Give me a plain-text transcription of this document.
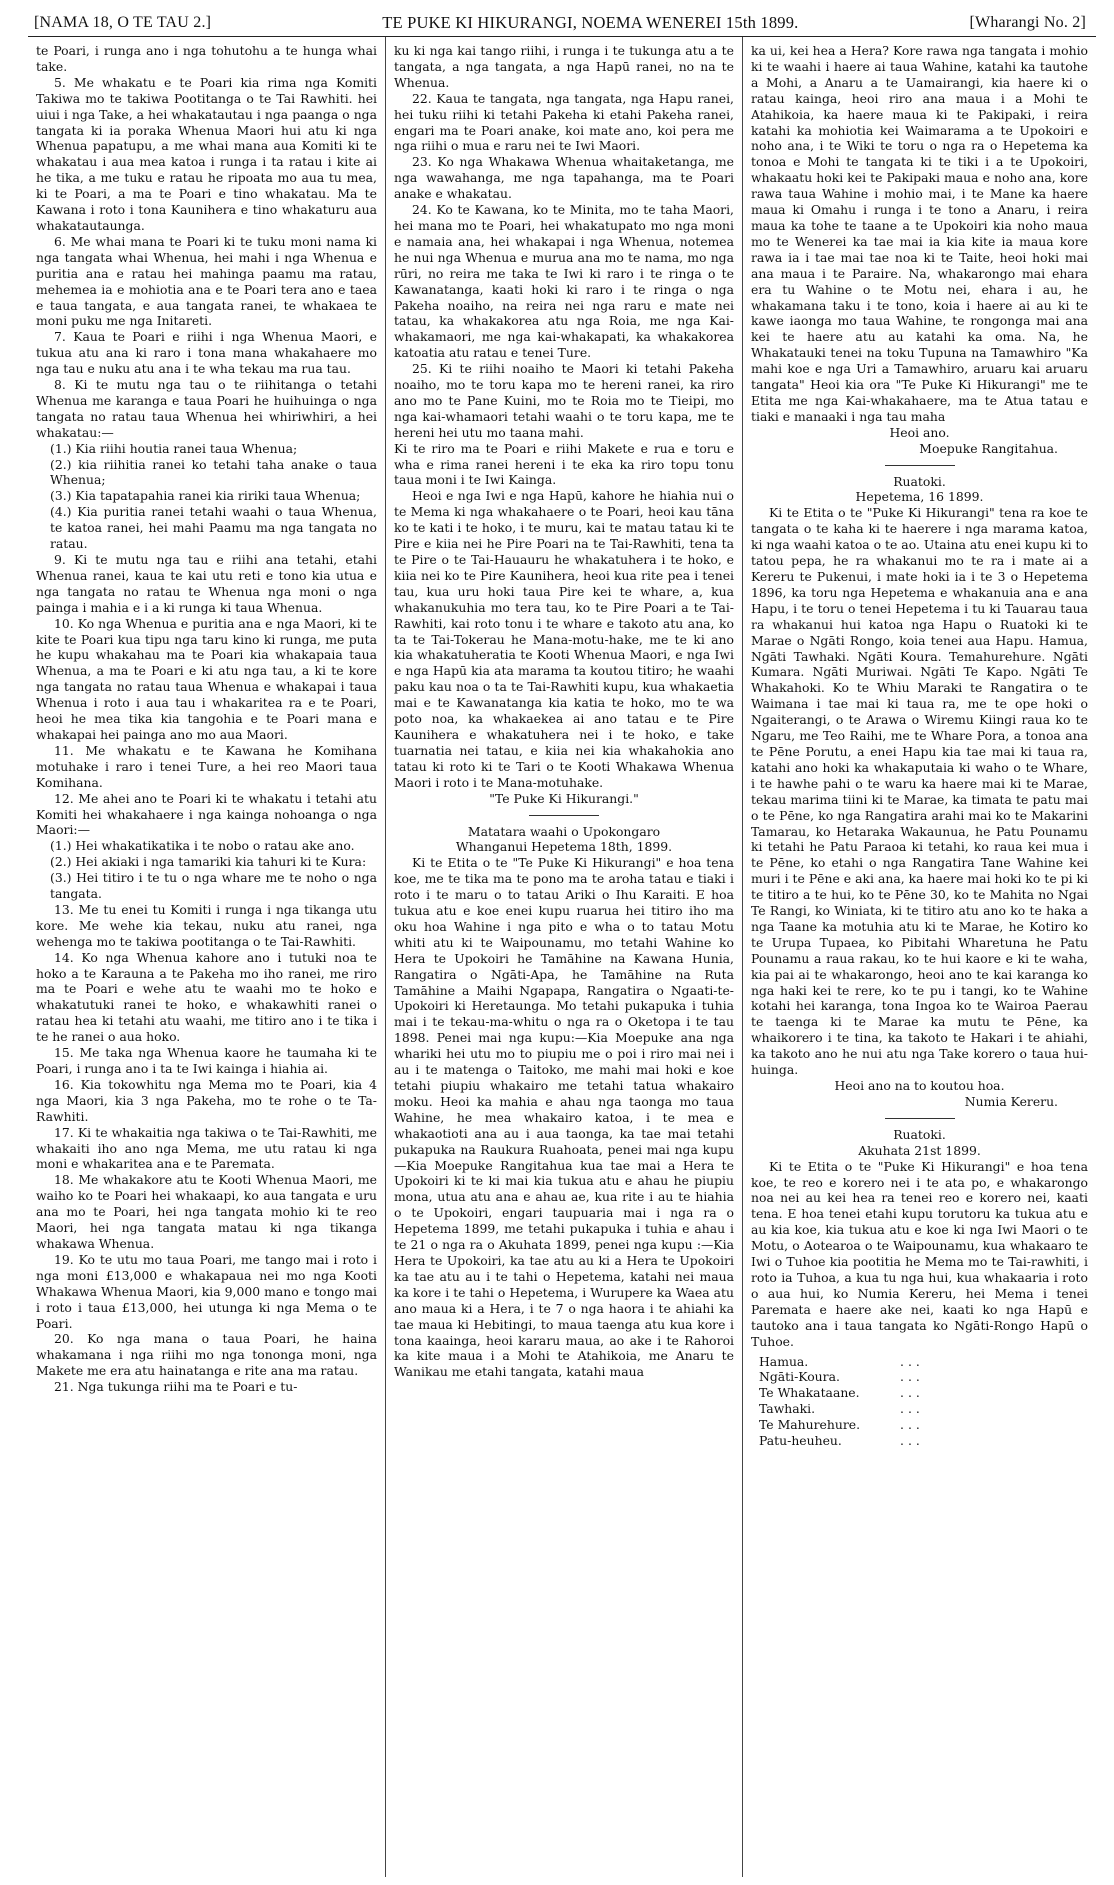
[NAMA 18, O TE TAU 2.]	TE PUKE KI HIKURANGI, NOEMA WENEREI 15th 1899.	[Wharangi No. 2]

te Poari, i runga ano i nga tohutohu a te hunga whai take.

5. Me whakatu e te Poari kia rima nga Komiti Takiwa mo te takiwa Pootitanga o te Tai Rawhiti. hei uiui i nga Take, a hei whakatautau i nga paanga o nga tangata ki ia poraka Whenua Maori hui atu ki nga Whenua papatupu, a me whai mana aua Komiti ki te whakatau i aua mea katoa i runga i ta ratau i kite ai he tika, a me tuku e ratau he ripoata mo aua tu mea, ki te Poari, a ma te Poari e tino whakatau. Ma te Kawana i roto i tona Kaunihera e tino whakaturu aua whakatautaunga.

6. Me whai mana te Poari ki te tuku moni nama ki nga tangata whai Whenua, hei mahi i nga Whenua e puritia ana e ratau hei mahinga paamu ma ratau, mehemea ia e mohiotia ana e te Poari tera ano e taea e taua tangata, e aua tangata ranei, te whakaea te moni puku me nga Initareti.

7. Kaua te Poari e riihi i nga Whenua Maori, e tukua atu ana ki raro i tona mana whakahaere mo nga tau e nuku atu ana i te wha tekau ma rua tau.

8. Ki te mutu nga tau o te riihitanga o tetahi Whenua me karanga e taua Poari he huihuinga o nga tangata no ratau taua Whenua hei whiriwhiri, a hei whakatau:—

(1.) Kia riihi houtia ranei taua Whenua;

(2.) kia riihitia ranei ko tetahi taha anake o taua Whenua;

(3.) Kia tapatapahia ranei kia ririki taua Whenua;

(4.) Kia puritia ranei tetahi waahi o taua Whenua, te katoa ranei, hei mahi Paamu ma nga tangata no ratau.

9. Ki te mutu nga tau e riihi ana tetahi, etahi Whenua ranei, kaua te kai utu reti e tono kia utua e nga tangata no ratau te Whenua nga moni o nga painga i mahia e i a ki runga ki taua Whenua.

10. Ko nga Whenua e puritia ana e nga Maori, ki te kite te Poari kua tipu nga taru kino ki runga, me puta he kupu whakahau ma te Poari kia whakapaia taua Whenua, a ma te Poari e ki atu nga tau, a ki te kore nga tangata no ratau taua Whenua e whakapai i taua Whenua i roto i aua tau i whakaritea ra e te Poari, heoi he mea tika kia tangohia e te Poari mana e whakapai hei painga ano mo aua Maori.

11. Me whakatu e te Kawana he Komihana motuhake i raro i tenei Ture, a hei reo Maori taua Komihana.

12. Me ahei ano te Poari ki te whakatu i tetahi atu Komiti hei whakahaere i nga kainga nohoanga o nga Maori:—

(1.) Hei whakatikatika i te nobo o ratau ake ano.

(2.) Hei akiaki i nga tamariki kia tahuri ki te Kura:

(3.) Hei titiro i te tu o nga whare me te noho o nga tangata.

13. Me tu enei tu Komiti i runga i nga tikanga utu kore. Me wehe kia tekau, nuku atu ranei, nga wehenga mo te takiwa pootitanga o te Tai-Rawhiti.

14. Ko nga Whenua kahore ano i tutuki noa te hoko a te Karauna a te Pakeha mo iho ranei, me riro ma te Poari e wehe atu te waahi mo te hoko e whakatutuki ranei te hoko, e whakawhiti ranei o ratau hea ki tetahi atu waahi, me titiro ano i te tika i te he ranei o aua hoko.

15. Me taka nga Whenua kaore he taumaha ki te Poari, i runga ano i ta te Iwi kainga i hiahia ai.

16. Kia tokowhitu nga Mema mo te Poari, kia 4 nga Maori, kia 3 nga Pakeha, mo te rohe o te Ta-Rawhiti.

17. Ki te whakaitia nga takiwa o te Tai-Rawhiti, me whakaiti iho ano nga Mema, me utu ratau ki nga moni e whakaritea ana e te Paremata.

18. Me whakakore atu te Kooti Whenua Maori, me waiho ko te Poari hei whakaapi, ko aua tangata e uru ana mo te Poari, hei nga tangata mohio ki te reo Maori, hei nga tangata matau ki nga tikanga whakawa Whenua.

19. Ko te utu mo taua Poari, me tango mai i roto i nga moni £13,000 e whakapaua nei mo nga Kooti Whakawa Whenua Maori, kia 9,000 mano e tongo mai i roto i taua £13,000, hei utunga ki nga Mema o te Poari.

20. Ko nga mana o taua Poari, he haina whakamana i nga riihi mo nga tononga moni, nga Makete me era atu hainatanga e rite ana ma ratau.

21. Nga tukunga riihi ma te Poari e tu-

ku ki nga kai tango riihi, i runga i te tukunga atu a te tangata, a nga tangata, a nga Hapū ranei, no na te Whenua.

22. Kaua te tangata, nga tangata, nga Hapu ranei, hei tuku riihi ki tetahi Pakeha ki etahi Pakeha ranei, engari ma te Poari anake, koi mate ano, koi pera me nga riihi o mua e raru nei te Iwi Maori.

23. Ko nga Whakawa Whenua whaitaketanga, me nga wawahanga, me nga tapahanga, ma te Poari anake e whakatau.

24. Ko te Kawana, ko te Minita, mo te taha Maori, hei mana mo te Poari, hei whakatupato mo nga moni e namaia ana, hei whakapai i nga Whenua, notemea he nui nga Whenua e murua ana mo te nama, mo nga rūri, no reira me taka te Iwi ki raro i te ringa o te Kawanatanga, kaati hoki ki raro i te ringa o nga Pakeha noaiho, na reira nei nga raru e mate nei tatau, ka whakakorea atu nga Roia, me nga Kai-whakamaori, me nga kai-whakapati, ka whakakorea katoatia atu ratau e tenei Ture.

25. Ki te riihi noaiho te Maori ki tetahi Pakeha noaiho, mo te toru kapa mo te hereni ranei, ka riro ano mo te Pane Kuini, mo te Roia mo te Tieipi, mo nga kai-whamaori tetahi waahi o te toru kapa, me te hereni hei utu mo taana mahi.

Ki te riro ma te Poari e riihi Makete e rua e toru e wha e rima ranei hereni i te eka ka riro topu tonu taua moni i te Iwi Kainga.

Heoi e nga Iwi e nga Hapū, kahore he hiahia nui o te Mema ki nga whakahaere o te Poari, heoi kau tāna ko te kati i te hoko, i te muru, kai te matau tatau ki te Pire e kiia nei he Pire Poari na te Tai-Rawhiti, tena ta te Pire o te Tai-Hauauru he whakatuhera i te hoko, e kiia nei ko te Pire Kaunihera, heoi kua rite pea i tenei tau, kua uru hoki taua Pire kei te whare, a, kua whakanukuhia mo tera tau, ko te Pire Poari a te Tai-Rawhiti, kai roto tonu i te whare e takoto atu ana, ko ta te Tai-Tokerau he Mana-motu-hake, me te ki ano kia whakatuheratia te Kooti Whenua Maori, e nga Iwi e nga Hapū kia ata marama ta koutou titiro; he waahi paku kau noa o ta te Tai-Rawhiti kupu, kua whakaetia mai e te Kawanatanga kia katia te hoko, mo te wa poto noa, ka whakaekea ai ano tatau e te Pire Kaunihera e whakatuhera nei i te hoko, e take tuarnatia nei tatau, e kiia nei kia whakahokia ano tatau ki roto ki te Tari o te Kooti Whakawa Whenua Maori i roto i te Mana-motuhake.

"Te Puke Ki Hikurangi."

Matatara waahi o Upokongaro

Whanganui Hepetema 18th, 1899.

Ki te Etita o te "Te Puke Ki Hikurangi" e hoa tena koe, me te tika ma te pono ma te aroha tatau e tiaki i roto i te maru o to tatau Ariki o Ihu Karaiti. E hoa tukua atu e koe enei kupu ruarua hei titiro iho ma oku hoa Wahine i nga pito e wha o to tatau Motu whiti atu ki te Waipounamu, mo tetahi Wahine ko Hera te Upokoiri he Tamāhine na Kawana Hunia, Rangatira o Ngāti-Apa, he Tamāhine na Ruta Tamāhine a Maihi Ngapapa, Rangatira o Ngaati-te-Upokoiri ki Heretaunga. Mo tetahi pukapuka i tuhia mai i te tekau-ma-whitu o nga ra o Oketopa i te tau 1898. Penei mai nga kupu:—Kia Moepuke ana nga whariki hei utu mo to piupiu me o poi i riro mai nei i au i te matenga o Taitoko, me mahi mai hoki e koe tetahi piupiu whakairo me tetahi tatua whakairo moku. Heoi ka mahia e ahau nga taonga mo taua Wahine, he mea whakairo katoa, i te mea e whakaotioti ana au i aua taonga, ka tae mai tetahi pukapuka na Raukura Ruahoata, penei mai nga kupu —Kia Moepuke Rangitahua kua tae mai a Hera te Upokoiri ki te ki mai kia tukua atu e ahau he piupiu mona, utua atu ana e ahau ae, kua rite i au te hiahia o te Upokoiri, engari taupuaria mai i nga ra o Hepetema 1899, me tetahi pukapuka i tuhia e ahau i te 21 o nga ra o Akuhata 1899, penei nga kupu :—Kia Hera te Upokoiri, ka tae atu au ki a Hera te Upokoiri ka tae atu au i te tahi o Hepetema, katahi nei maua ka kore i te tahi o Hepetema, i Wurupere ka Waea atu ano maua ki a Hera, i te 7 o nga haora i te ahiahi ka tae maua ki Hebitingi, to maua taenga atu kua kore i tona kaainga, heoi kararu maua, ao ake i te Rahoroi ka kite maua i a Mohi te Atahikoia, me Anaru te Wanikau me etahi tangata, katahi maua

ka ui, kei hea a Hera? Kore rawa nga tangata i mohio ki te waahi i haere ai taua Wahine, katahi ka tautohe a Mohi, a Anaru a te Uamairangi, kia haere ki o ratau kainga, heoi riro ana maua i a Mohi te Atahikoia, ka haere maua ki te Pakipaki, i reira katahi ka mohiotia kei Waimarama a te Upokoiri e noho ana, i te Wiki te toru o nga ra o Hepetema ka tonoa e Mohi te tangata ki te tiki i a te Upokoiri, whakaatu hoki kei te Pakipaki maua e noho ana, kore rawa taua Wahine i mohio mai, i te Mane ka haere maua ki Omahu i runga i te tono a Anaru, i reira maua ka tohe te taane a te Upokoiri kia noho maua mo te Wenerei ka tae mai ia kia kite ia maua kore rawa ia i tae mai tae noa ki te Taite, heoi hoki mai ana maua i te Paraire. Na, whakarongo mai ehara era tu Wahine o te Motu nei, ehara i au, he whakamana taku i te tono, koia i haere ai au ki te kawe iaonga mo taua Wahine, te rongonga mai ana kei te haere atu au katahi ka oma. Na, he Whakatauki tenei na toku Tupuna na Tamawhiro "Ka mahi koe e nga Uri a Tamawhiro, aruaru kai aruaru tangata" Heoi kia ora "Te Puke Ki Hikurangi" me te Etita me nga Kai-whakahaere, ma te Atua tatau e tiaki e manaaki i nga tau maha

Heoi ano.

Moepuke Rangitahua.

Ruatoki.

Hepetema, 16 1899.

Ki te Etita o te "Puke Ki Hikurangi" tena ra koe te tangata o te kaha ki te haerere i nga marama katoa, ki nga waahi katoa o te ao. Utaina atu enei kupu ki to tatou pepa, he ra whakanui mo te ra i mate ai a Kereru te Pukenui, i mate hoki ia i te 3 o Hepetema 1896, ka toru nga Hepetema e whakanuia ana e ana Hapu, i te toru o tenei Hepetema i tu ki Tauarau taua ra whakanui hui katoa nga Hapu o Ruatoki ki te Marae o Ngāti Rongo, koia tenei aua Hapu. Hamua, Ngāti Tawhaki. Ngāti Koura. Temahurehure. Ngāti Kumara. Ngāti Muriwai. Ngāti Te Kapo. Ngāti Te Whakahoki. Ko te Whiu Maraki te Rangatira o te Waimana i tae mai ki taua ra, me te ope hoki o Ngaiterangi, o te Arawa o Wiremu Kiingi raua ko te Ngaru, me Teo Raihi, me te Whare Pora, a tonoa ana te Pēne Porutu, a enei Hapu kia tae mai ki taua ra, katahi ano hoki ka whakaputaia ki waho o te Whare, i te hawhe pahi o te waru ka haere mai ki te Marae, tekau marima tiini ki te Marae, ka timata te patu mai o te Pēne, ko nga Rangatira arahi mai ko te Makarini Tamarau, ko Hetaraka Wakaunua, he Patu Pounamu ki tetahi he Patu Paraoa ki tetahi, ko raua kei mua i te Pēne, ko etahi o nga Rangatira Tane Wahine kei muri i te Pēne e aki ana, ka haere mai hoki ko te pi ki te titiro a te hui, ko te Pēne 30, ko te Mahita no Ngai Te Rangi, ko Winiata, ki te titiro atu ano ko te haka a nga Taane ka motuhia atu ki te Marae, he Kotiro ko te Urupa Tupaea, ko Pibitahi Wharetuna he Patu Pounamu a raua rakau, ko te hui kaore e ki te waha, kia pai ai te whakarongo, heoi ano te kai karanga ko nga haki kei te rere, ko te pu i tangi, ko te Wahine kotahi hei karanga, tona Ingoa ko te Wairoa Paerau te taenga ki te Marae ka mutu te Pēne, ka whaikorero i te tina, ka takoto te Hakari i te ahiahi, ka takoto ano he nui atu nga Take korero o taua hui-huinga.

Heoi ano na to koutou hoa.

Numia Kereru.

Ruatoki.

Akuhata 21st 1899.

Ki te Etita o te "Puke Ki Hikurangi" e hoa tena koe, te reo e korero nei i te ata po, e whakarongo noa nei au kei hea ra tenei reo e korero nei, kaati tena. E hoa tenei etahi kupu torutoru ka tukua atu e au kia koe, kia tukua atu e koe ki nga Iwi Maori o te Motu, o Aotearoa o te Waipounamu, kua whakaaro te Iwi o Tuhoe kia pootitia he Mema mo te Tai-rawhiti, i roto ia Tuhoa, a kua tu nga hui, kua whakaaria i roto o aua hui, ko Numia Kereru, hei Mema i tenei Paremata e haere ake nei, kaati ko nga Hapū e tautoko ana i taua tangata ko Ngāti-Rongo Hapū o Tuhoe.

Hamua.	...
Ngāti-Koura.	...
Te Whakataane.	...
Tawhaki.	...
Te Mahurehure.	...
Patu-heuheu.	...
